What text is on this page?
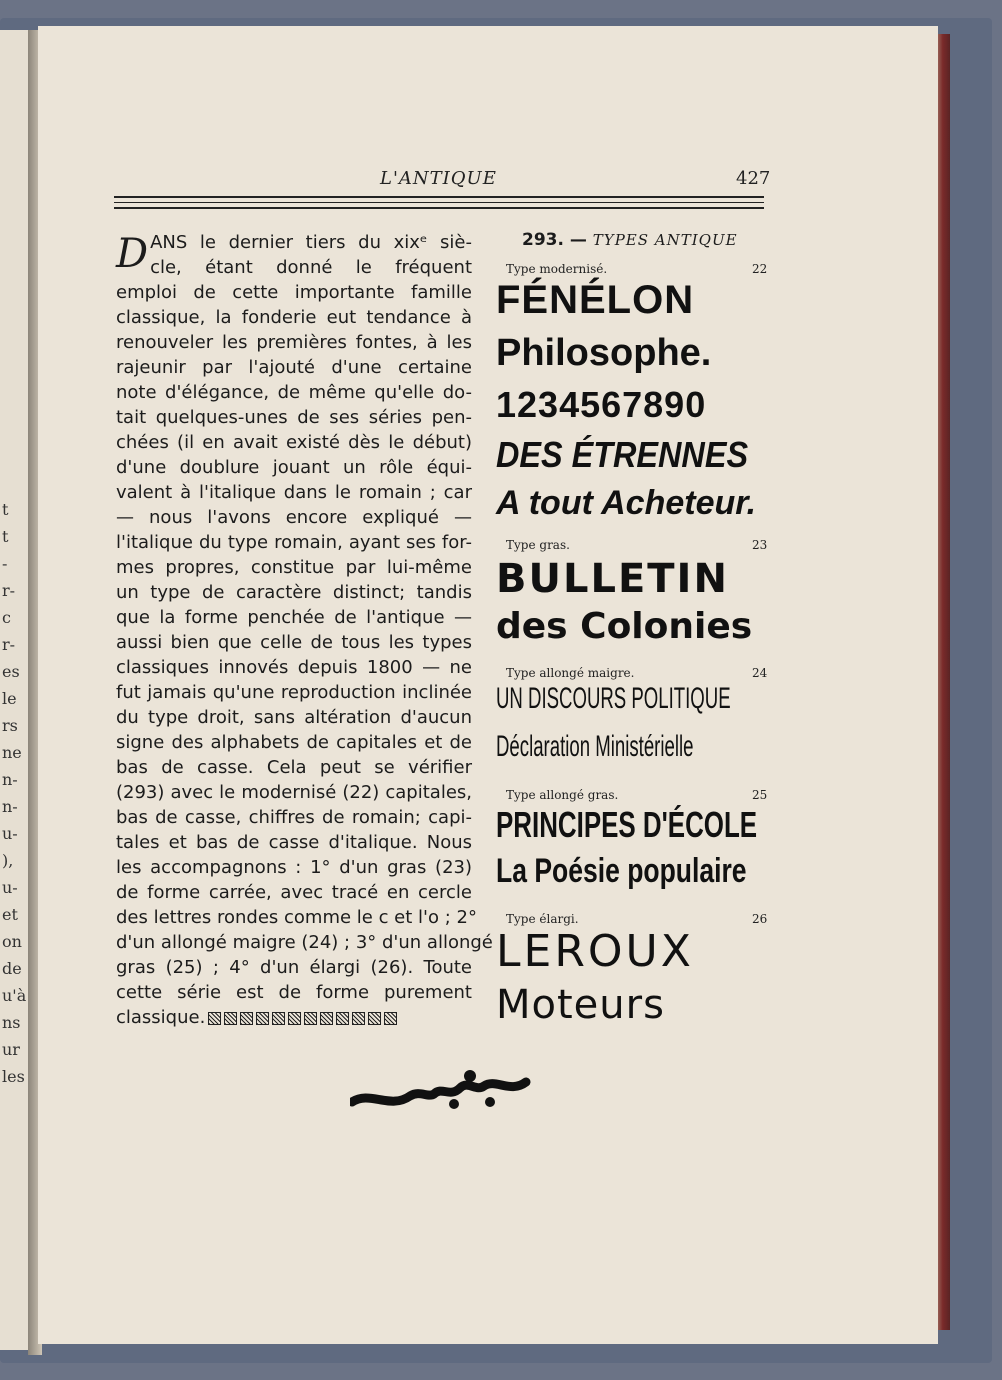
t
t
-
r-
c
r-
es
le
rs
ne
n-
n-
u-
),
u-
et
on
de
u'à
ns
ur
les
L'ANTIQUE	427
D ANS le dernier tiers du xixᵉ siè-
cle, étant donné le fréquent
emploi de cette importante famille
classique, la fonderie eut tendance à
renouveler les premières fontes, à les
rajeunir par l'ajouté d'une certaine
note d'élégance, de même qu'elle do-
tait quelques-unes de ses séries pen-
chées (il en avait existé dès le début)
d'une doublure jouant un rôle équi-
valent à l'italique dans le romain ; car
— nous l'avons encore expliqué —
l'italique du type romain, ayant ses for-
mes propres, constitue par lui-même
un type de caractère distinct; tandis
que la forme penchée de l'antique —
aussi bien que celle de tous les types
classiques innovés depuis 1800 — ne
fut jamais qu'une reproduction inclinée
du type droit, sans altération d'aucun
signe des alphabets de capitales et de
bas de casse. Cela peut se vérifier
(293) avec le modernisé (22) capitales,
bas de casse, chiffres de romain; capi-
tales et bas de casse d'italique. Nous
les accompagnons : 1° d'un gras (23)
de forme carrée, avec tracé en cercle
des lettres rondes comme le c et l'o ; 2°
d'un allongé maigre (24) ; 3° d'un allongé
gras (25) ; 4° d'un élargi (26). Toute
cette série est de forme purement
classique.
293. — TYPES ANTIQUE
Type modernisé.	22
FÉNÉLON
Philosophe.
1234567890
DES ÉTRENNES
A tout Acheteur.
Type gras.	23
BULLETIN
des Colonies
Type allongé maigre.	24
UN DISCOURS POLITIQUE
Déclaration Ministérielle
Type allongé gras.	25
PRINCIPES D'ÉCOLE
La Poésie populaire
Type élargi.	26
LEROUX
Moteurs
